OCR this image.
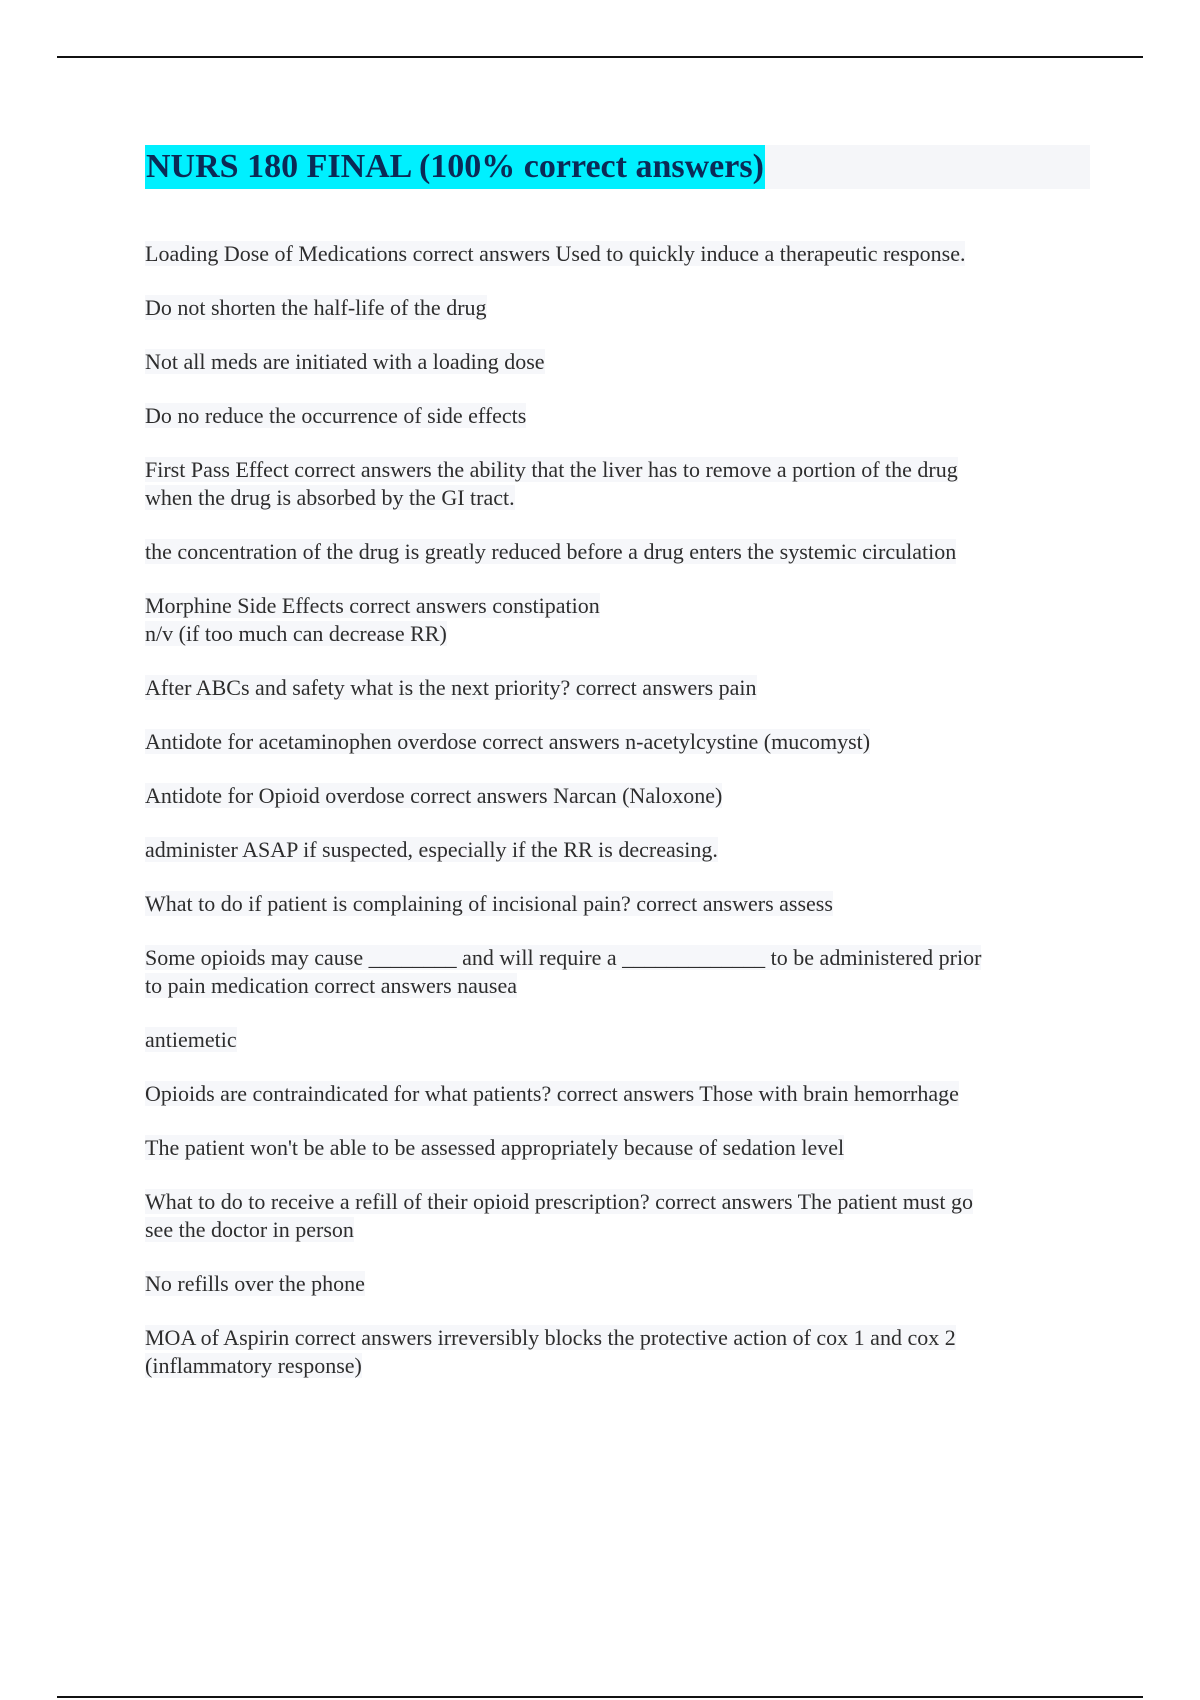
NURS 180 FINAL (100% correct answers)

Loading Dose of Medications correct answers Used to quickly induce a therapeutic response.

Do not shorten the half-life of the drug

Not all meds are initiated with a loading dose

Do no reduce the occurrence of side effects

First Pass Effect correct answers the ability that the liver has to remove a portion of the drug
when the drug is absorbed by the GI tract.

the concentration of the drug is greatly reduced before a drug enters the systemic circulation

Morphine Side Effects correct answers constipation
n/v (if too much can decrease RR)

After ABCs and safety what is the next priority? correct answers pain

Antidote for acetaminophen overdose correct answers n-acetylcystine (mucomyst)

Antidote for Opioid overdose correct answers Narcan (Naloxone)

administer ASAP if suspected, especially if the RR is decreasing.

What to do if patient is complaining of incisional pain? correct answers assess

Some opioids may cause ________ and will require a _____________ to be administered prior
to pain medication correct answers nausea

antiemetic

Opioids are contraindicated for what patients? correct answers Those with brain hemorrhage

The patient won't be able to be assessed appropriately because of sedation level

What to do to receive a refill of their opioid prescription? correct answers The patient must go
see the doctor in person

No refills over the phone

MOA of Aspirin correct answers irreversibly blocks the protective action of cox 1 and cox 2
(inflammatory response)
